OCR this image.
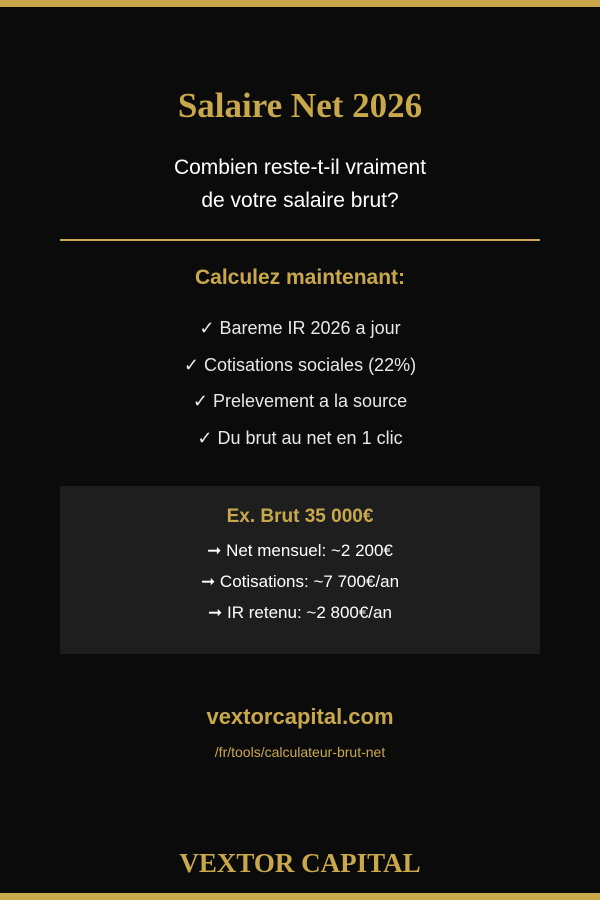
Salaire Net 2026
Combien reste-t-il vraiment
de votre salaire brut?
Calculez maintenant:
✓ Bareme IR 2026 a jour
✓ Cotisations sociales (22%)
✓ Prelevement a la source
✓ Du brut au net en 1 clic
Ex. Brut 35 000€
➞ Net mensuel: ~2 200€
➞ Cotisations: ~7 700€/an
➞ IR retenu: ~2 800€/an
vextorcapital.com
/fr/tools/calculateur-brut-net
VEXTOR CAPITAL
